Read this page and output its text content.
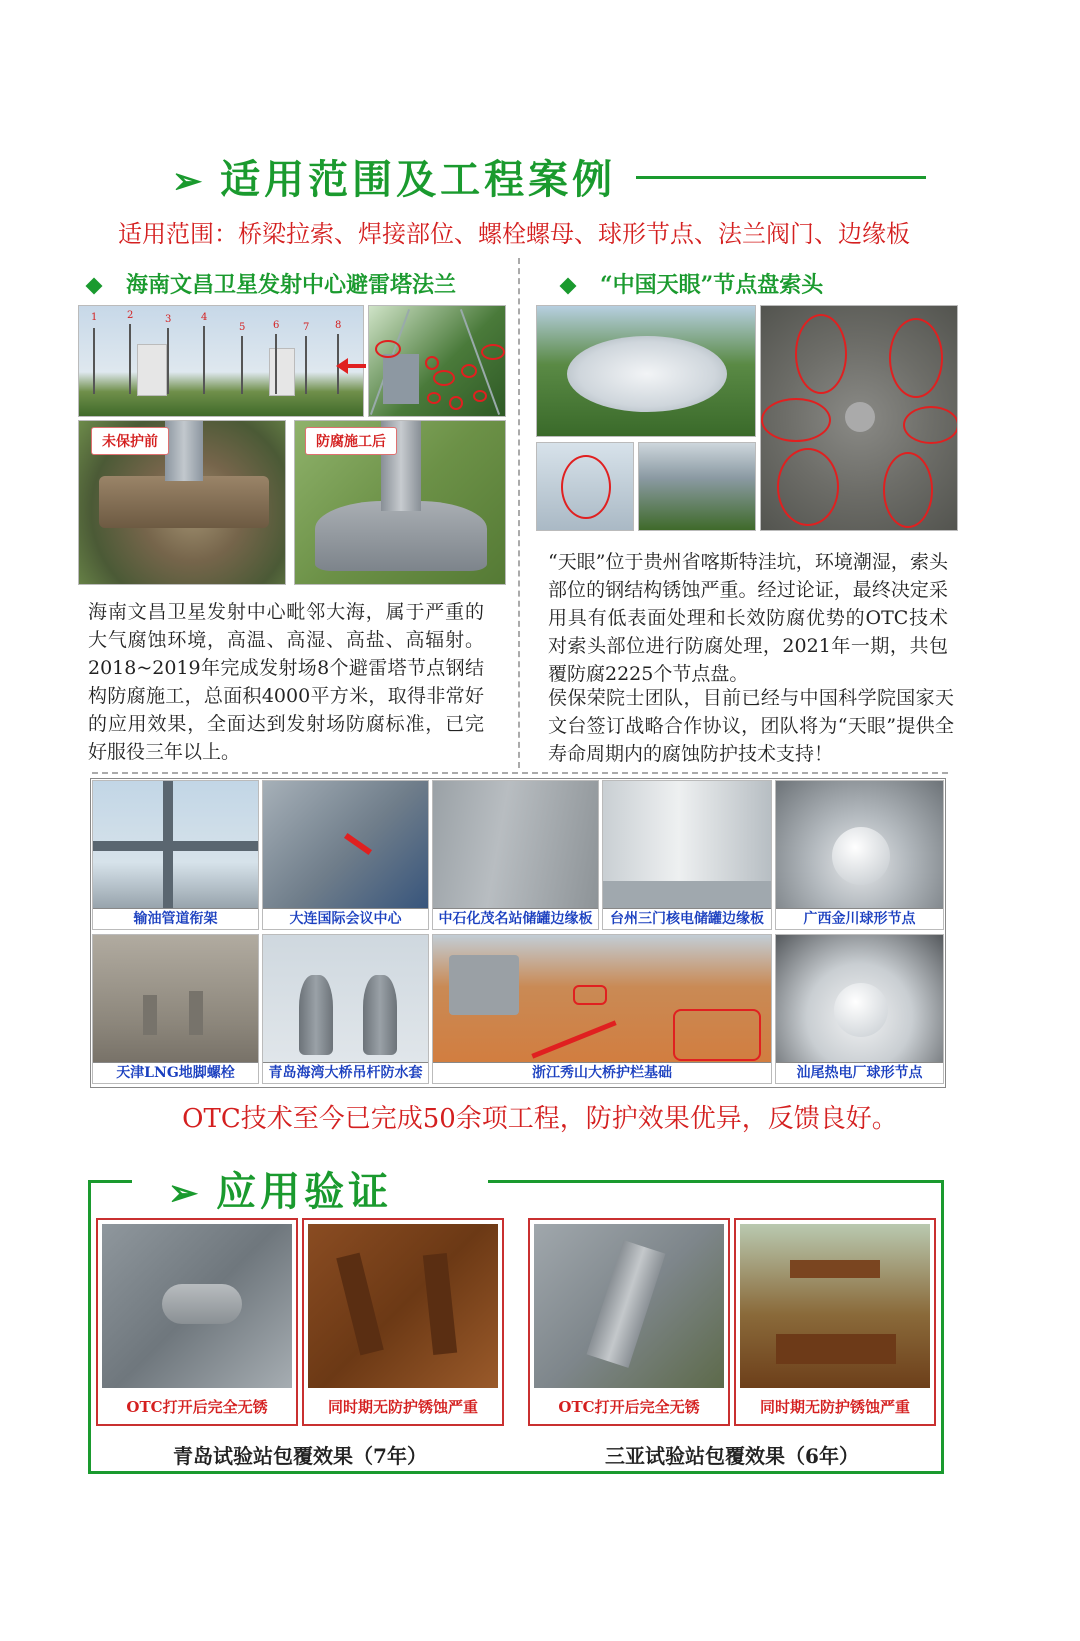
➢ 适用范围及工程案例
适用范围：桥梁拉索、焊接部位、螺栓螺母、球形节点、法兰阀门、边缘板
海南文昌卫星发射中心避雷塔法兰
1	2	3	4
5	6 7	8
未保护前	防腐施工后
海南文昌卫星发射中心毗邻大海，属于严重的大气腐蚀环境，高温、高湿、高盐、高辐射。2018~2019年完成发射场8个避雷塔节点钢结构防腐施工，总面积4000平方米，取得非常好的应用效果，全面达到发射场防腐标准，已完好服役三年以上。
“中国天眼”节点盘索头
“天眼”位于贵州省喀斯特洼坑，环境潮湿，索头部位的钢结构锈蚀严重。经过论证，最终决定采用具有低表面处理和长效防腐优势的OTC技术对索头部位进行防腐处理，2021年一期，共包覆防腐2225个节点盘。
侯保荣院士团队，目前已经与中国科学院国家天文台签订战略合作协议，团队将为“天眼”提供全寿命周期内的腐蚀防护技术支持！
输油管道衔架	大连国际会议中心	中石化茂名站储罐边缘板	台州三门核电储罐边缘板	广西金川球形节点
天津LNG地脚螺栓	青岛海湾大桥吊杆防水套	浙江秀山大桥护栏基础	汕尾热电厂球形节点
OTC技术至今已完成50余项工程，防护效果优异，反馈良好。
➢ 应用验证
OTC打开后完全无锈	同时期无防护锈蚀严重
青岛试验站包覆效果（7年）
OTC打开后完全无锈	同时期无防护锈蚀严重
三亚试验站包覆效果（6年）
